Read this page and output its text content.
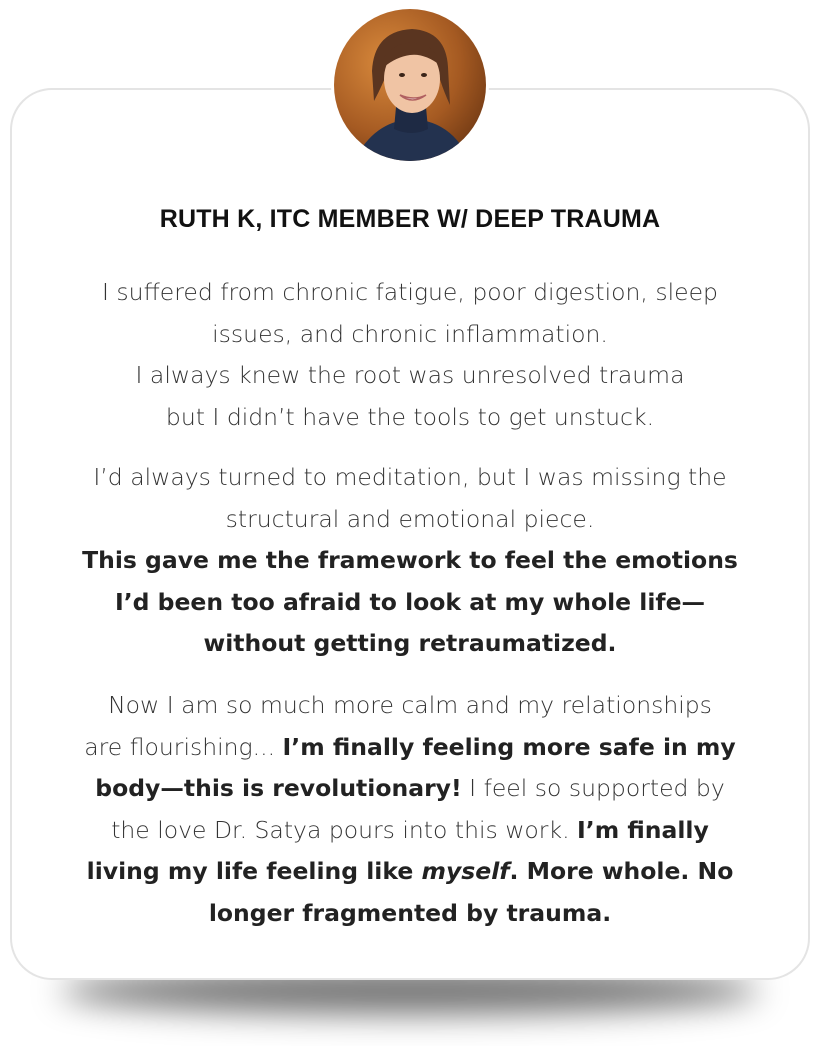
RUTH K, ITC MEMBER W/ DEEP TRAUMA
I suffered from chronic fatigue, poor digestion, sleep
issues, and chronic inflammation.
I always knew the root was unresolved trauma
but I didn’t have the tools to get unstuck.
I’d always turned to meditation, but I was missing the
structural and emotional piece.
This gave me the framework to feel the emotions
I’d been too afraid to look at my whole life—
without getting retraumatized.
Now I am so much more calm and my relationships
are flourishing... I’m finally feeling more safe in my
body—this is revolutionary! I feel so supported by
the love Dr. Satya pours into this work. I’m finally
living my life feeling like myself. More whole. No
longer fragmented by trauma.
